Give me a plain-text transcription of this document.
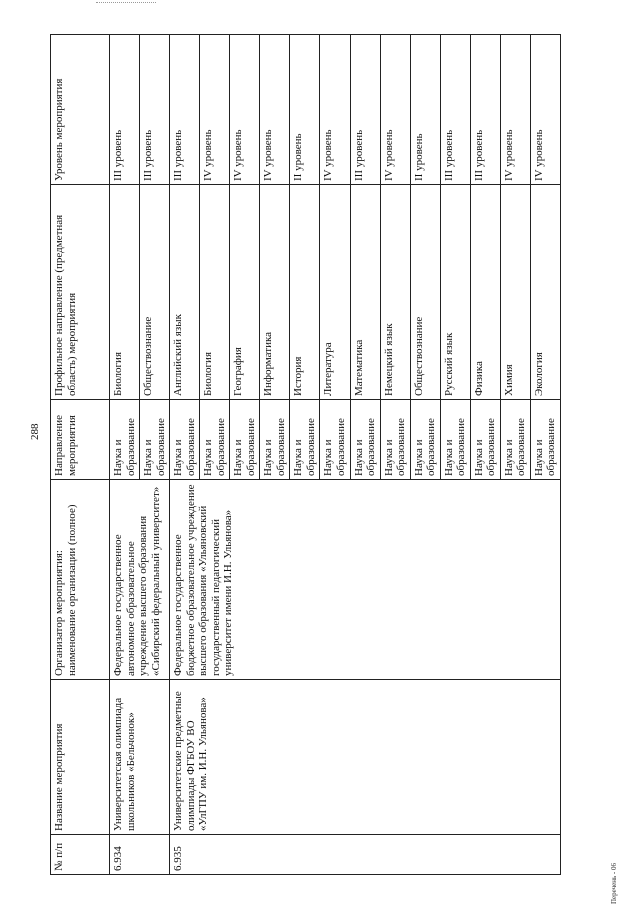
288
№ п/п	Название мероприятия	Организатор мероприятия: наименование организации (полное)	Направление мероприятия	Профильное направление (предметная область) мероприятия	Уровень мероприятия
6.934	Университетская олимпиада школьников «Бельчонок»	Федеральное государственное автономное образовательное учреждение высшего образования «Сибирский федеральный университет»	Наука и образование	Биология	III уровень
			Наука и образование	Обществознание	III уровень
6.935	Университетские предметные олимпиады ФГБОУ ВО «УлГПУ им. И.Н. Ульянова»	Федеральное государственное бюджетное образовательное учреждение высшего образования «Ульяновский государственный педагогический университет имени И.Н. Ульянова»	Наука и образование	Английский язык	III уровень
			Наука и образование	Биология	IV уровень
			Наука и образование	География	IV уровень
			Наука и образование	Информатика	IV уровень
			Наука и образование	История	II уровень
			Наука и образование	Литература	IV уровень
			Наука и образование	Математика	III уровень
			Наука и образование	Немецкий язык	IV уровень
			Наука и образование	Обществознание	II уровень
			Наука и образование	Русский язык	III уровень
			Наука и образование	Физика	III уровень
			Наука и образование	Химия	IV уровень
			Наука и образование	Экология	IV уровень
Перечень - 06
